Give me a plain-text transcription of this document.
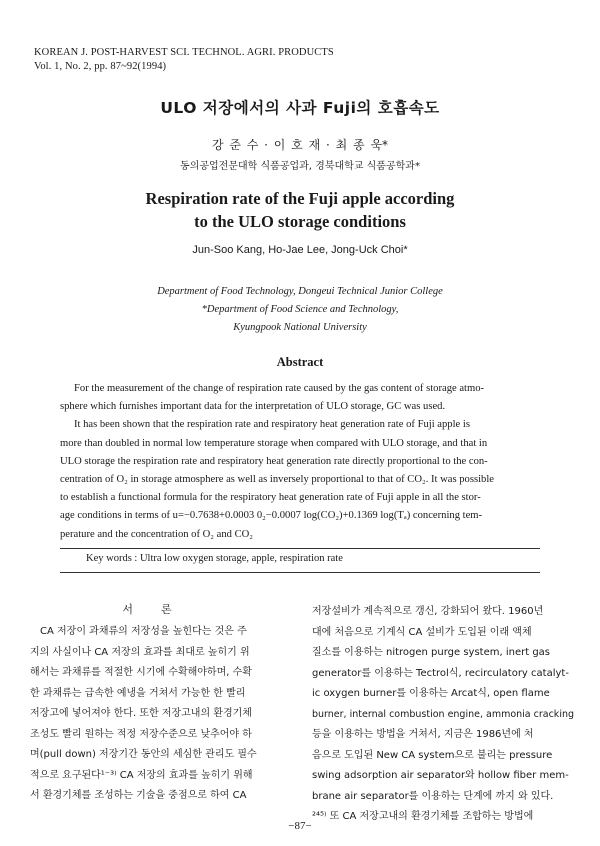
KOREAN J. POST-HARVEST SCI. TECHNOL. AGRI. PRODUCTS
Vol. 1, No. 2, pp. 87~92(1994)
ULO 저장에서의 사과 Fuji의 호흡속도
강 준 수 · 이 호 재 · 최 종 욱*
동의공업전문대학 식품공업과, 경북대학교 식품공학과*
Respiration rate of the Fuji apple according
to the ULO storage conditions
Jun-Soo Kang, Ho-Jae Lee, Jong-Uck Choi*
Department of Food Technology, Dongeui Technical Junior College
*Department of Food Science and Technology,
Kyungpook National University
Abstract
For the measurement of the change of respiration rate caused by the gas content of storage atmo-
sphere which furnishes important data for the interpretation of ULO storage, GC was used.
It has been shown that the respiration rate and respiratory heat generation rate of Fuji apple is
more than doubled in normal low temperature storage when compared with ULO storage, and that in
ULO storage the respiration rate and respiratory heat generation rate directly proportional to the con-
centration of O₂ in storage atmosphere as well as inversely proportional to that of CO₂. It was possible
to establish a functional formula for the respiratory heat generation rate of Fuji apple in all the stor-
age conditions in terms of u=−0.7638+0.0003 0₂−0.0007 log(CO₂)+0.1369 log(Tₐ) concerning tem-
perature and the concentration of O₂ and CO₂
Key words : Ultra low oxygen storage, apple, respiration rate
서론
CA 저장이 과채류의 저장성을 높힌다는 것은 주
지의 사실이나 CA 저장의 효과를 최대로 높히기 위
해서는 과채류를 적절한 시기에 수확해야하며, 수확
한 과채류는 급속한 예냉을 거쳐서 가능한 한 빨리
저장고에 넣어져야 한다. 또한 저장고내의 환경기체
조성도 빨리 원하는 적정 저장수준으로 낮추어야 하
며(pull down) 저장기간 동안의 세심한 관리도 필수
적으로 요구된다¹⁻³⁾ CA 저장의 효과를 높히기 위해
서 환경기체를 조성하는 기술을 중점으로 하여 CA
저장설비가 계속적으로 갱신, 강화되어 왔다. 1960년
대에 처음으로 기계식 CA 설비가 도입된 이래 액체
질소를 이용하는 nitrogen purge system, inert gas
generator를 이용하는 Tectrol식, recirculatory catalyt-
ic oxygen burner를 이용하는 Arcat식, open flame
burner, internal combustion engine, ammonia cracking
등을 이용하는 방법을 거쳐서, 지금은 1986년에 처
음으로 도입된 New CA system으로 불리는 pressure
swing adsorption air separator와 hollow fiber mem-
brane air separator를 이용하는 단계에 까지 와 있다.
²⁴⁵⁾ 또 CA 저장고내의 환경기체를 조합하는 방법에
−87−
